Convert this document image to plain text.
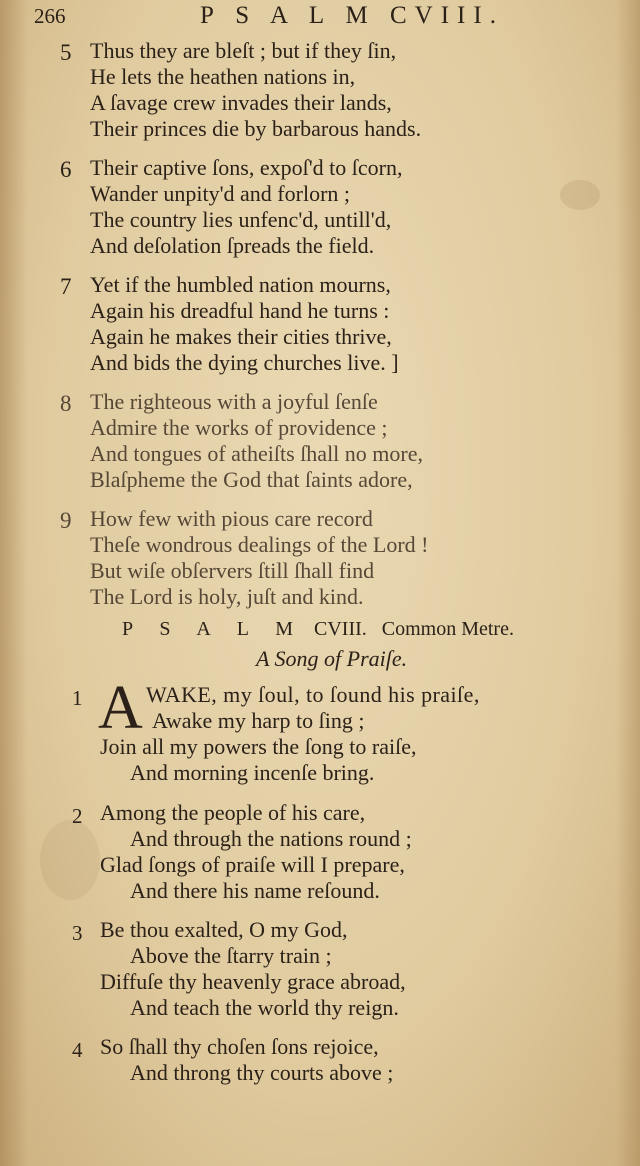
266	P S A L M CVIII.
5 Thus they are bleſt ; but if they ſin,
He lets the heathen nations in,
A ſavage crew invades their lands,
Their princes die by barbarous hands.
6 Their captive ſons, expoſ'd to ſcorn,
Wander unpity'd and forlorn ;
The country lies unfenc'd, untill'd,
And deſolation ſpreads the field.
7 Yet if the humbled nation mourns,
Again his dreadful hand he turns :
Again he makes their cities thrive,
And bids the dying churches live. ]
8 The righteous with a joyful ſenſe
Admire the works of providence ;
And tongues of atheiſts ſhall no more,
Blaſpheme the God that ſaints adore,
9 How few with pious care record
Theſe wondrous dealings of the Lord !
But wiſe obſervers ſtill ſhall find
The Lord is holy, juſt and kind.
P S A L M CVIII. Common Metre.
A Song of Praiſe.
1 A WAKE, my ſoul, to ſound his praiſe,
Awake my harp to ſing ;
Join all my powers the ſong to raiſe,
And morning incenſe bring.
2 Among the people of his care,
And through the nations round ;
Glad ſongs of praiſe will I prepare,
And there his name reſound.
3 Be thou exalted, O my God,
Above the ſtarry train ;
Diffuſe thy heavenly grace abroad,
And teach the world thy reign.
4 So ſhall thy choſen ſons rejoice,
And throng thy courts above ;
